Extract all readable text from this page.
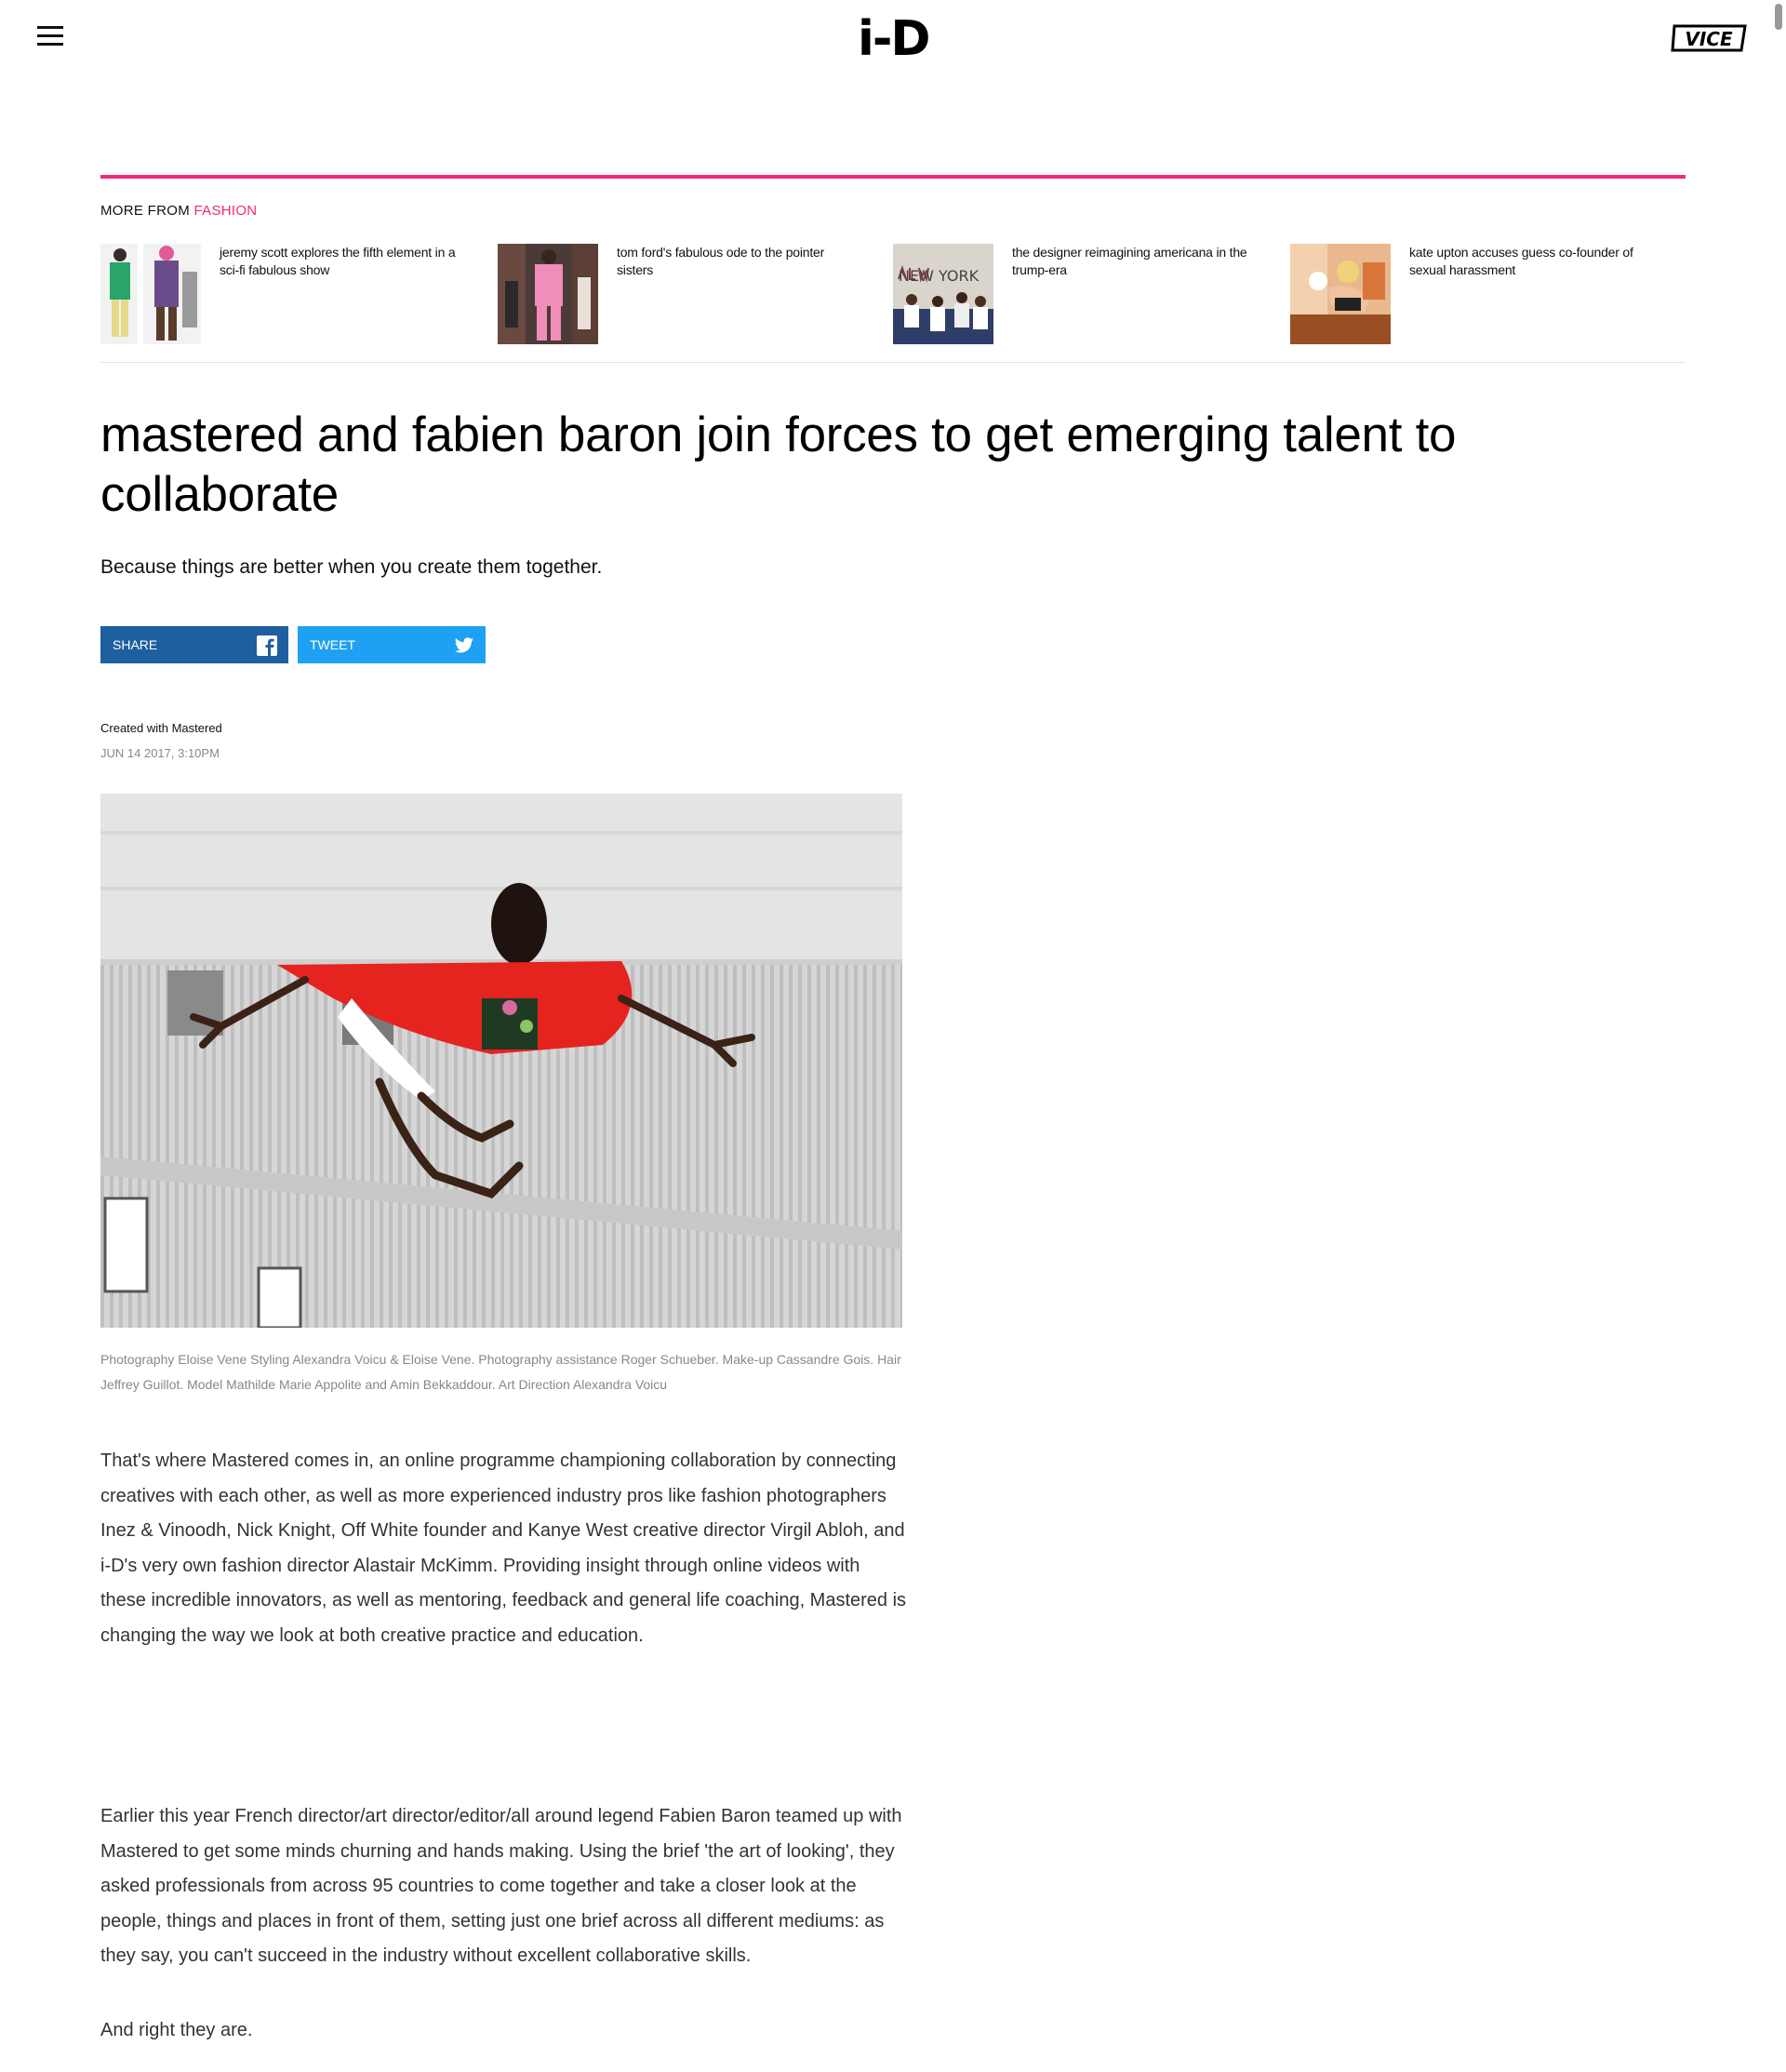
i-D	VICE
MORE FROM FASHION
jeremy scott explores the fifth element in a sci-fi fabulous show
tom ford's fabulous ode to the pointer sisters	NEW YORK
the designer reimagining americana in the trump-era
kate upton accuses guess co-founder of sexual harassment
mastered and fabien baron join forces to get emerging talent to collaborate

Because things are better when you create them together.

SHARE	TWEET
Created with Mastered
JUN 14 2017, 3:10PM
Photography Eloise Vene Styling Alexandra Voicu & Eloise Vene. Photography assistance Roger Schueber. Make-up Cassandre Gois. Hair Jeffrey Guillot. Model Mathilde Marie Appolite and Amin Bekkaddour. Art Direction Alexandra Voicu

That's where Mastered comes in, an online programme championing collaboration by connecting creatives with each other, as well as more experienced industry pros like fashion photographers Inez & Vinoodh, Nick Knight, Off White founder and Kanye West creative director Virgil Abloh, and i-D's very own fashion director Alastair McKimm. Providing insight through online videos with these incredible innovators, as well as mentoring, feedback and general life coaching, Mastered is changing the way we look at both creative practice and education.

Earlier this year French director/art director/editor/all around legend Fabien Baron teamed up with Mastered to get some minds churning and hands making. Using the brief 'the art of looking', they asked professionals from across 95 countries to come together and take a closer look at the people, things and places in front of them, setting just one brief across all different mediums: as they say, you can't succeed in the industry without excellent collaborative skills.

And right they are.
